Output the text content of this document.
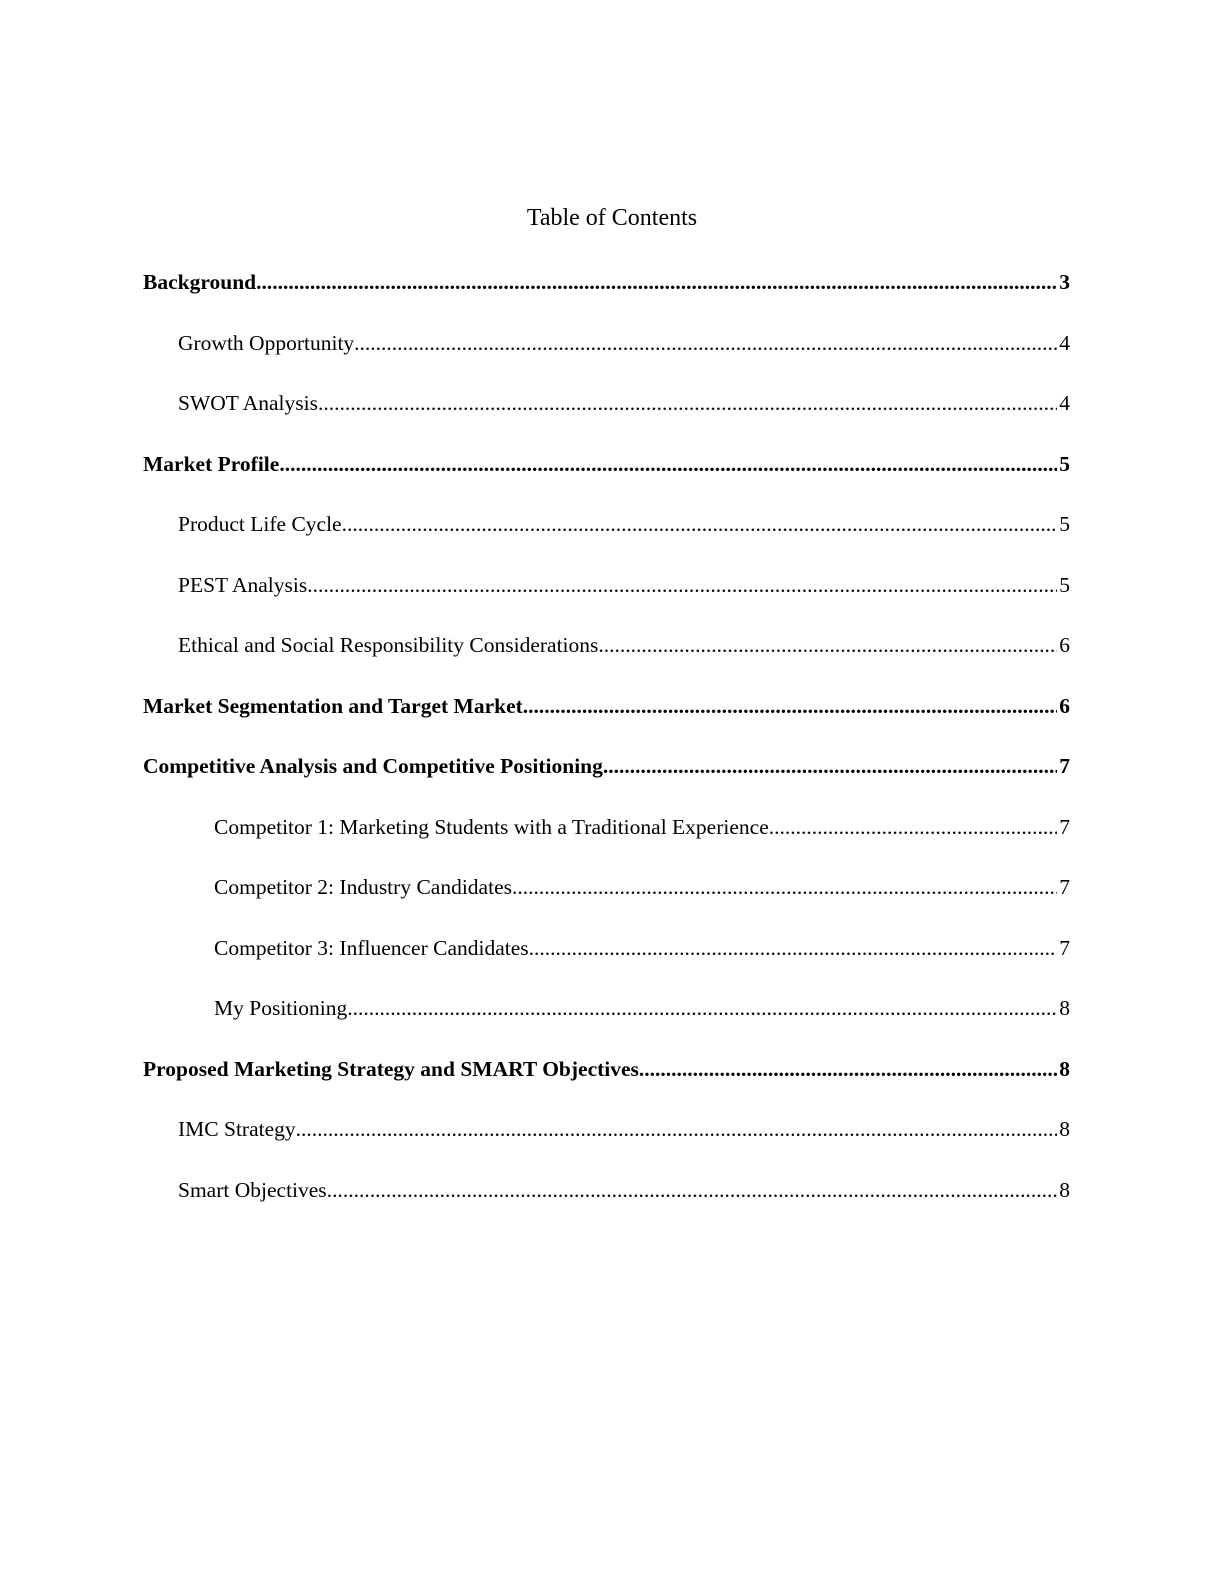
Table of Contents
Background .....	3
Growth Opportunity .....	4
SWOT Analysis .....	4
Market Profile .....	5
Product Life Cycle .....	5
PEST Analysis .....	5
Ethical and Social Responsibility Considerations .....	6
Market Segmentation and Target Market .....	6
Competitive Analysis and Competitive Positioning .....	7
Competitor 1: Marketing Students with a Traditional Experience .....	7
Competitor 2: Industry Candidates .....	7
Competitor 3: Influencer Candidates .....	7
My Positioning .....	8
Proposed Marketing Strategy and SMART Objectives .....	8
IMC Strategy .....	8
Smart Objectives .....	8
